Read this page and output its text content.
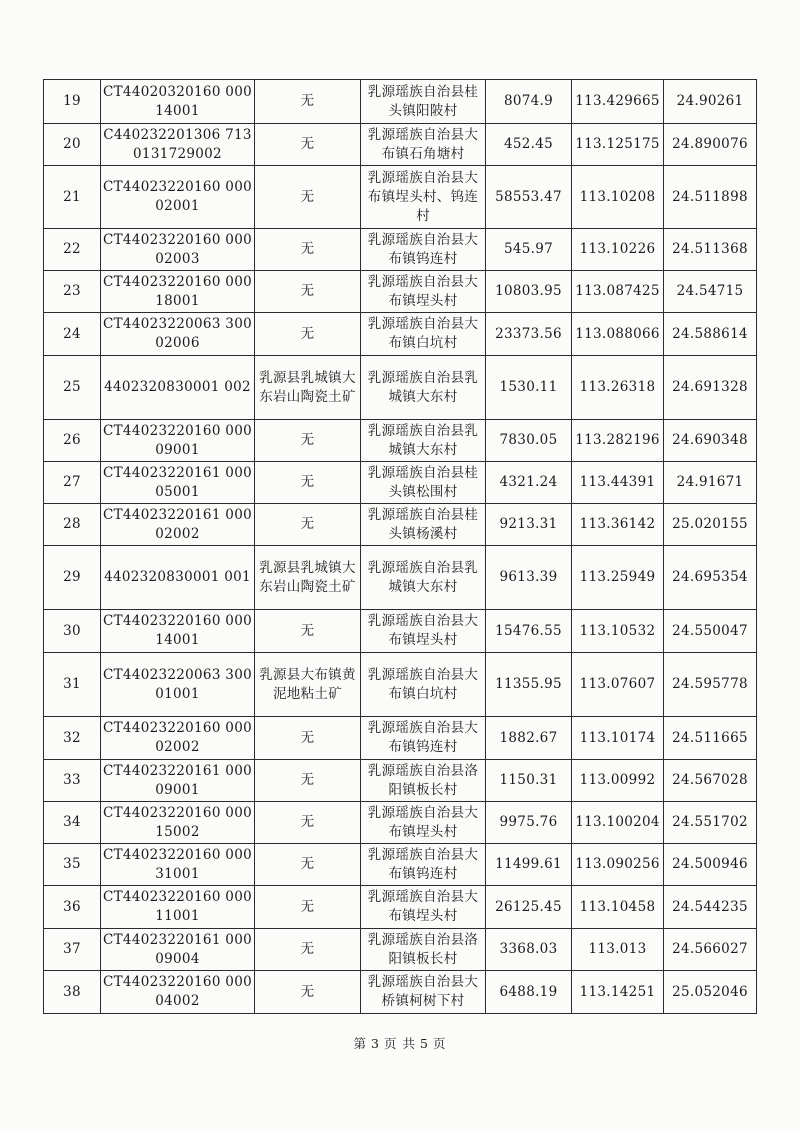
19	CT44020320160 00014001	无	乳源瑶族自治县桂头镇阳陂村	8074.9	113.429665	24.90261
20	C440232201306 7130131729002	无	乳源瑶族自治县大布镇石角塘村	452.45	113.125175	24.890076
21	CT44023220160 00002001	无	乳源瑶族自治县大布镇埕头村、钨连村	58553.47	113.10208	24.511898
22	CT44023220160 00002003	无	乳源瑶族自治县大布镇钨连村	545.97	113.10226	24.511368
23	CT44023220160 00018001	无	乳源瑶族自治县大布镇埕头村	10803.95	113.087425	24.54715
24	CT44023220063 30002006	无	乳源瑶族自治县大布镇白坑村	23373.56	113.088066	24.588614
25	4402320830001 002	乳源县乳城镇大东岩山陶瓷土矿	乳源瑶族自治县乳城镇大东村	1530.11	113.26318	24.691328
26	CT44023220160 00009001	无	乳源瑶族自治县乳城镇大东村	7830.05	113.282196	24.690348
27	CT44023220161 00005001	无	乳源瑶族自治县桂头镇松围村	4321.24	113.44391	24.91671
28	CT44023220161 00002002	无	乳源瑶族自治县桂头镇杨溪村	9213.31	113.36142	25.020155
29	4402320830001 001	乳源县乳城镇大东岩山陶瓷土矿	乳源瑶族自治县乳城镇大东村	9613.39	113.25949	24.695354
30	CT44023220160 00014001	无	乳源瑶族自治县大布镇埕头村	15476.55	113.10532	24.550047
31	CT44023220063 30001001	乳源县大布镇黄泥地粘土矿	乳源瑶族自治县大布镇白坑村	11355.95	113.07607	24.595778
32	CT44023220160 00002002	无	乳源瑶族自治县大布镇钨连村	1882.67	113.10174	24.511665
33	CT44023220161 00009001	无	乳源瑶族自治县洛阳镇板长村	1150.31	113.00992	24.567028
34	CT44023220160 00015002	无	乳源瑶族自治县大布镇埕头村	9975.76	113.100204	24.551702
35	CT44023220160 00031001	无	乳源瑶族自治县大布镇钨连村	11499.61	113.090256	24.500946
36	CT44023220160 00011001	无	乳源瑶族自治县大布镇埕头村	26125.45	113.10458	24.544235
37	CT44023220161 00009004	无	乳源瑶族自治县洛阳镇板长村	3368.03	113.013	24.566027
38	CT44023220160 00004002	无	乳源瑶族自治县大桥镇柯树下村	6488.19	113.14251	25.052046
第 3 页 共 5 页
